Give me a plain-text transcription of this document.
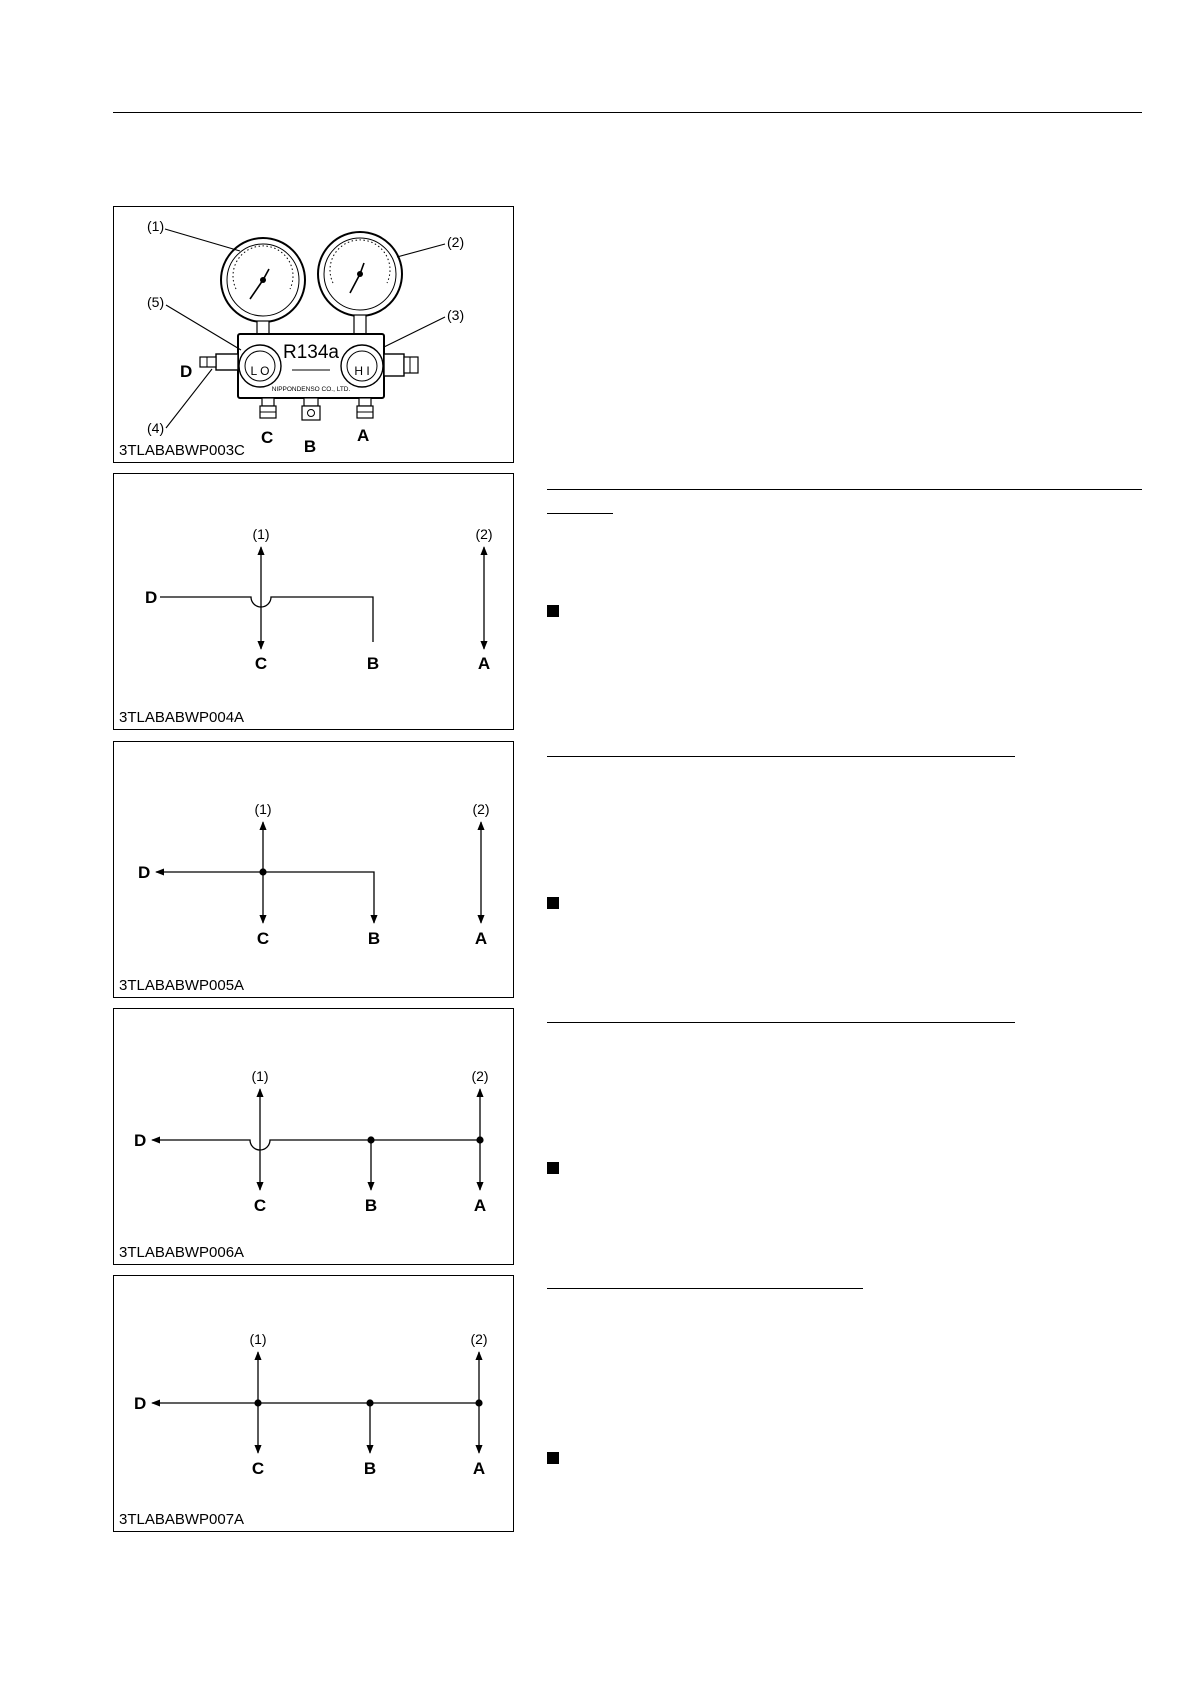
L O	H I
R134a
NIPPONDENSO CO., LTD.
(1)
(2)
(3)
(4)
(5)
D
C B
A
3TLABABWP003C
(1)	(2)
D
C	B	A
3TLABABWP004A
(1)	(2)
D
C	B	A
3TLABABWP005A
(1)	(2)
D
C	B	A
3TLABABWP006A
(1)	(2)
D
C	B	A
3TLABABWP007A
